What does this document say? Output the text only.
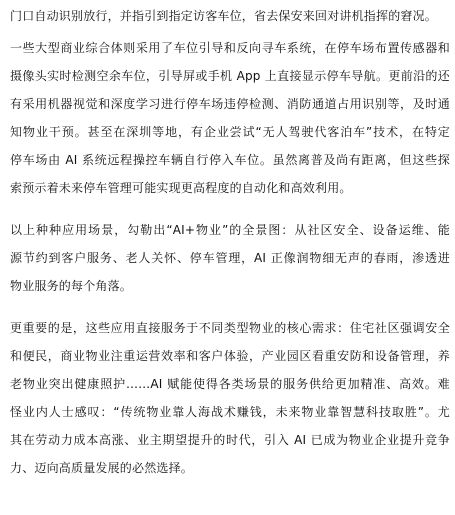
门口自动识别放行，并指引到指定访客车位，省去保安来回对讲机指挥的窘况。
一些大型商业综合体则采用了车位引导和反向寻车系统，在停车场布置传感器和
摄像头实时检测空余车位，引导屏或手机 App 上直接显示停车导航。更前沿的还
有采用机器视觉和深度学习进行停车场违停检测、消防通道占用识别等，及时通
知物业干预。甚至在深圳等地，有企业尝试“无人驾驶代客泊车”技术，在特定
停车场由 AI 系统远程操控车辆自行停入车位。虽然离普及尚有距离，但这些探
索预示着未来停车管理可能实现更高程度的自动化和高效利用。
以上种种应用场景，勾勒出“AI+物业”的全景图：从社区安全、设备运维、能
源节约到客户服务、老人关怀、停车管理，AI 正像润物细无声的春雨，渗透进
物业服务的每个角落。
更重要的是，这些应用直接服务于不同类型物业的核心需求：住宅社区强调安全
和便民，商业物业注重运营效率和客户体验，产业园区看重安防和设备管理，养
老物业突出健康照护……AI 赋能使得各类场景的服务供给更加精准、高效。难
怪业内人士感叹：“传统物业靠人海战术赚钱，未来物业靠智慧科技取胜”。尤
其在劳动力成本高涨、业主期望提升的时代，引入 AI 已成为物业企业提升竞争
力、迈向高质量发展的必然选择。
